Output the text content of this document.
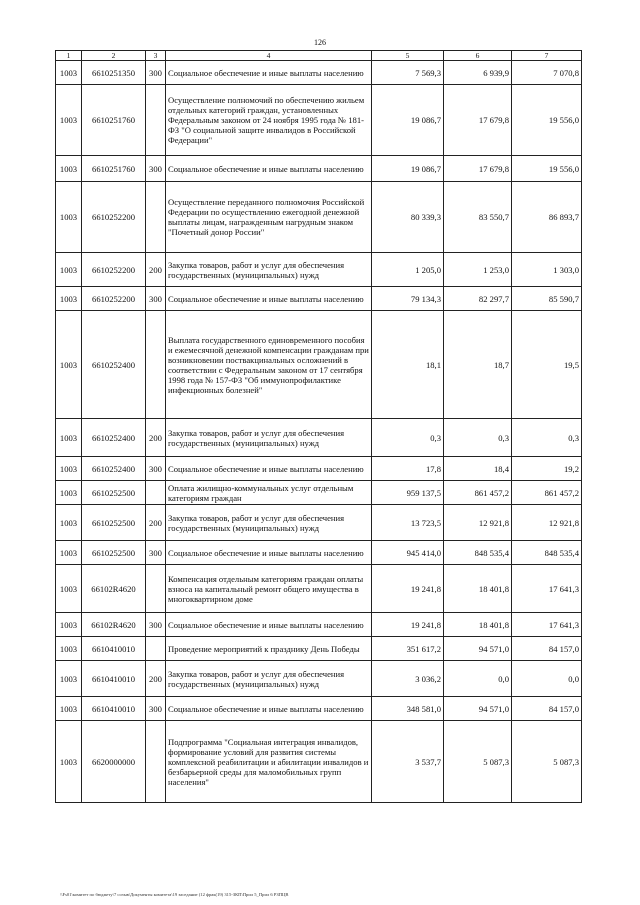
126
1	2	3	4	5	6	7
1003	6610251350	300	Социальное обеспечение и иные выплаты населению	7 569,3	6 939,9	7 070,8
1003	6610251760		Осуществление полномочий по обеспечению жильем отдельных категорий граждан, установленных Федеральным законом от 24 ноября 1995 года № 181-ФЗ "О социальной защите инвалидов в Российской Федерации"	19 086,7	17 679,8	19 556,0
1003	6610251760	300	Социальное обеспечение и иные выплаты населению	19 086,7	17 679,8	19 556,0
1003	6610252200		Осуществление переданного полномочия Российской Федерации по осуществлению ежегодной денежной выплаты лицам, награжденным нагрудным знаком "Почетный донор России"	80 339,3	83 550,7	86 893,7
1003	6610252200	200	Закупка товаров, работ и услуг для обеспечения государственных (муниципальных) нужд	1 205,0	1 253,0	1 303,0
1003	6610252200	300	Социальное обеспечение и иные выплаты населению	79 134,3	82 297,7	85 590,7
1003	6610252400		Выплата государственного единовременного пособия и ежемесячной денежной компенсации гражданам при возникновении поствакцинальных осложнений в соответствии с Федеральным законом от 17 сентября 1998 года № 157-ФЗ "Об иммунопрофилактике инфекционных болезней"	18,1	18,7	19,5
1003	6610252400	200	Закупка товаров, работ и услуг для обеспечения государственных (муниципальных) нужд	0,3	0,3	0,3
1003	6610252400	300	Социальное обеспечение и иные выплаты населению	17,8	18,4	19,2
1003	6610252500		Оплата жилищно-коммунальных услуг отдельным категориям граждан	959 137,5	861 457,2	861 457,2
1003	6610252500	200	Закупка товаров, работ и услуг для обеспечения государственных (муниципальных) нужд	13 723,5	12 921,8	12 921,8
1003	6610252500	300	Социальное обеспечение и иные выплаты населению	945 414,0	848 535,4	848 535,4
1003	66102R4620		Компенсация отдельным категориям граждан оплаты взноса на капитальный ремонт общего имущества в многоквартирном доме	19 241,8	18 401,8	17 641,3
1003	66102R4620	300	Социальное обеспечение и иные выплаты населению	19 241,8	18 401,8	17 641,3
1003	6610410010		Проведение мероприятий к празднику День Победы	351 617,2	94 571,0	84 157,0
1003	6610410010	200	Закупка товаров, работ и услуг для обеспечения государственных (муниципальных) нужд	3 036,2	0,0	0,0
1003	6610410010	300	Социальное обеспечение и иные выплаты населению	348 581,0	94 571,0	84 157,0
1003	6620000000		Подпрограмма "Социальная интеграция инвалидов, формирование условий для развития системы комплексной реабилитации и абилитации инвалидов и безбарьерной среды для маломобильных групп населения"	3 537,7	5 087,3	5 087,3
\\Fs01\комитет по бюджету\7 созыв\Документы комитета\19 заседание (12 фрак(19) 315-ЗКП\Прил 5_Прил 6 РЗПЦВ
